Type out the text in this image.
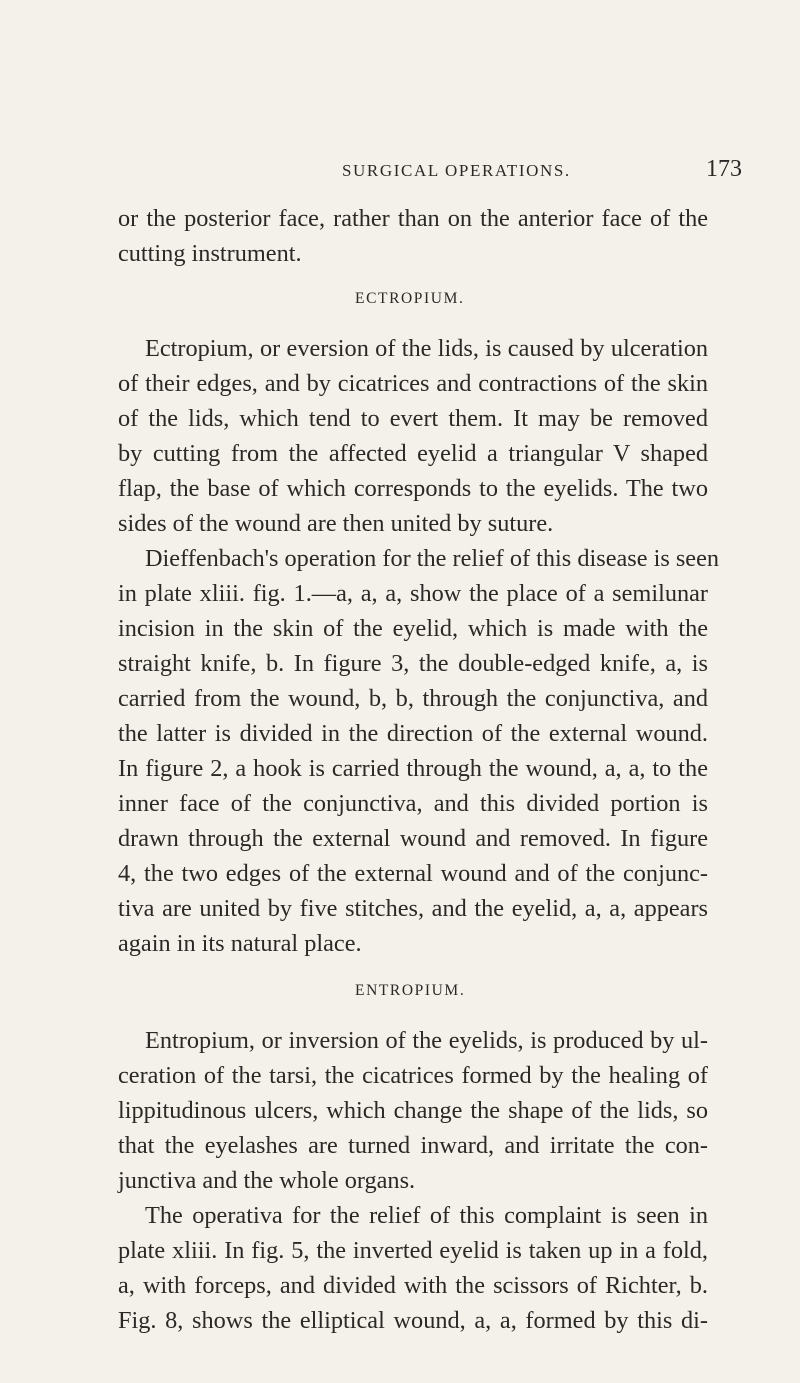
SURGICAL OPERATIONS.	173
or the posterior face, rather than on the anterior face of the
cutting instrument.
ECTROPIUM.
Ectropium, or eversion of the lids, is caused by ulceration
of their edges, and by cicatrices and contractions of the skin
of the lids, which tend to evert them. It may be removed
by cutting from the affected eyelid a triangular V shaped
flap, the base of which corresponds to the eyelids. The two
sides of the wound are then united by suture.
Dieffenbach's operation for the relief of this disease is seen
in plate xliii. fig. 1.—a, a, a, show the place of a semilunar
incision in the skin of the eyelid, which is made with the
straight knife, b. In figure 3, the double-edged knife, a, is
carried from the wound, b, b, through the conjunctiva, and
the latter is divided in the direction of the external wound.
In figure 2, a hook is carried through the wound, a, a, to the
inner face of the conjunctiva, and this divided portion is
drawn through the external wound and removed. In figure
4, the two edges of the external wound and of the conjunc-
tiva are united by five stitches, and the eyelid, a, a, appears
again in its natural place.
ENTROPIUM.
Entropium, or inversion of the eyelids, is produced by ul-
ceration of the tarsi, the cicatrices formed by the healing of
lippitudinous ulcers, which change the shape of the lids, so
that the eyelashes are turned inward, and irritate the con-
junctiva and the whole organs.
The operativa for the relief of this complaint is seen in
plate xliii. In fig. 5, the inverted eyelid is taken up in a fold,
a, with forceps, and divided with the scissors of Richter, b.
Fig. 8, shows the elliptical wound, a, a, formed by this di-
